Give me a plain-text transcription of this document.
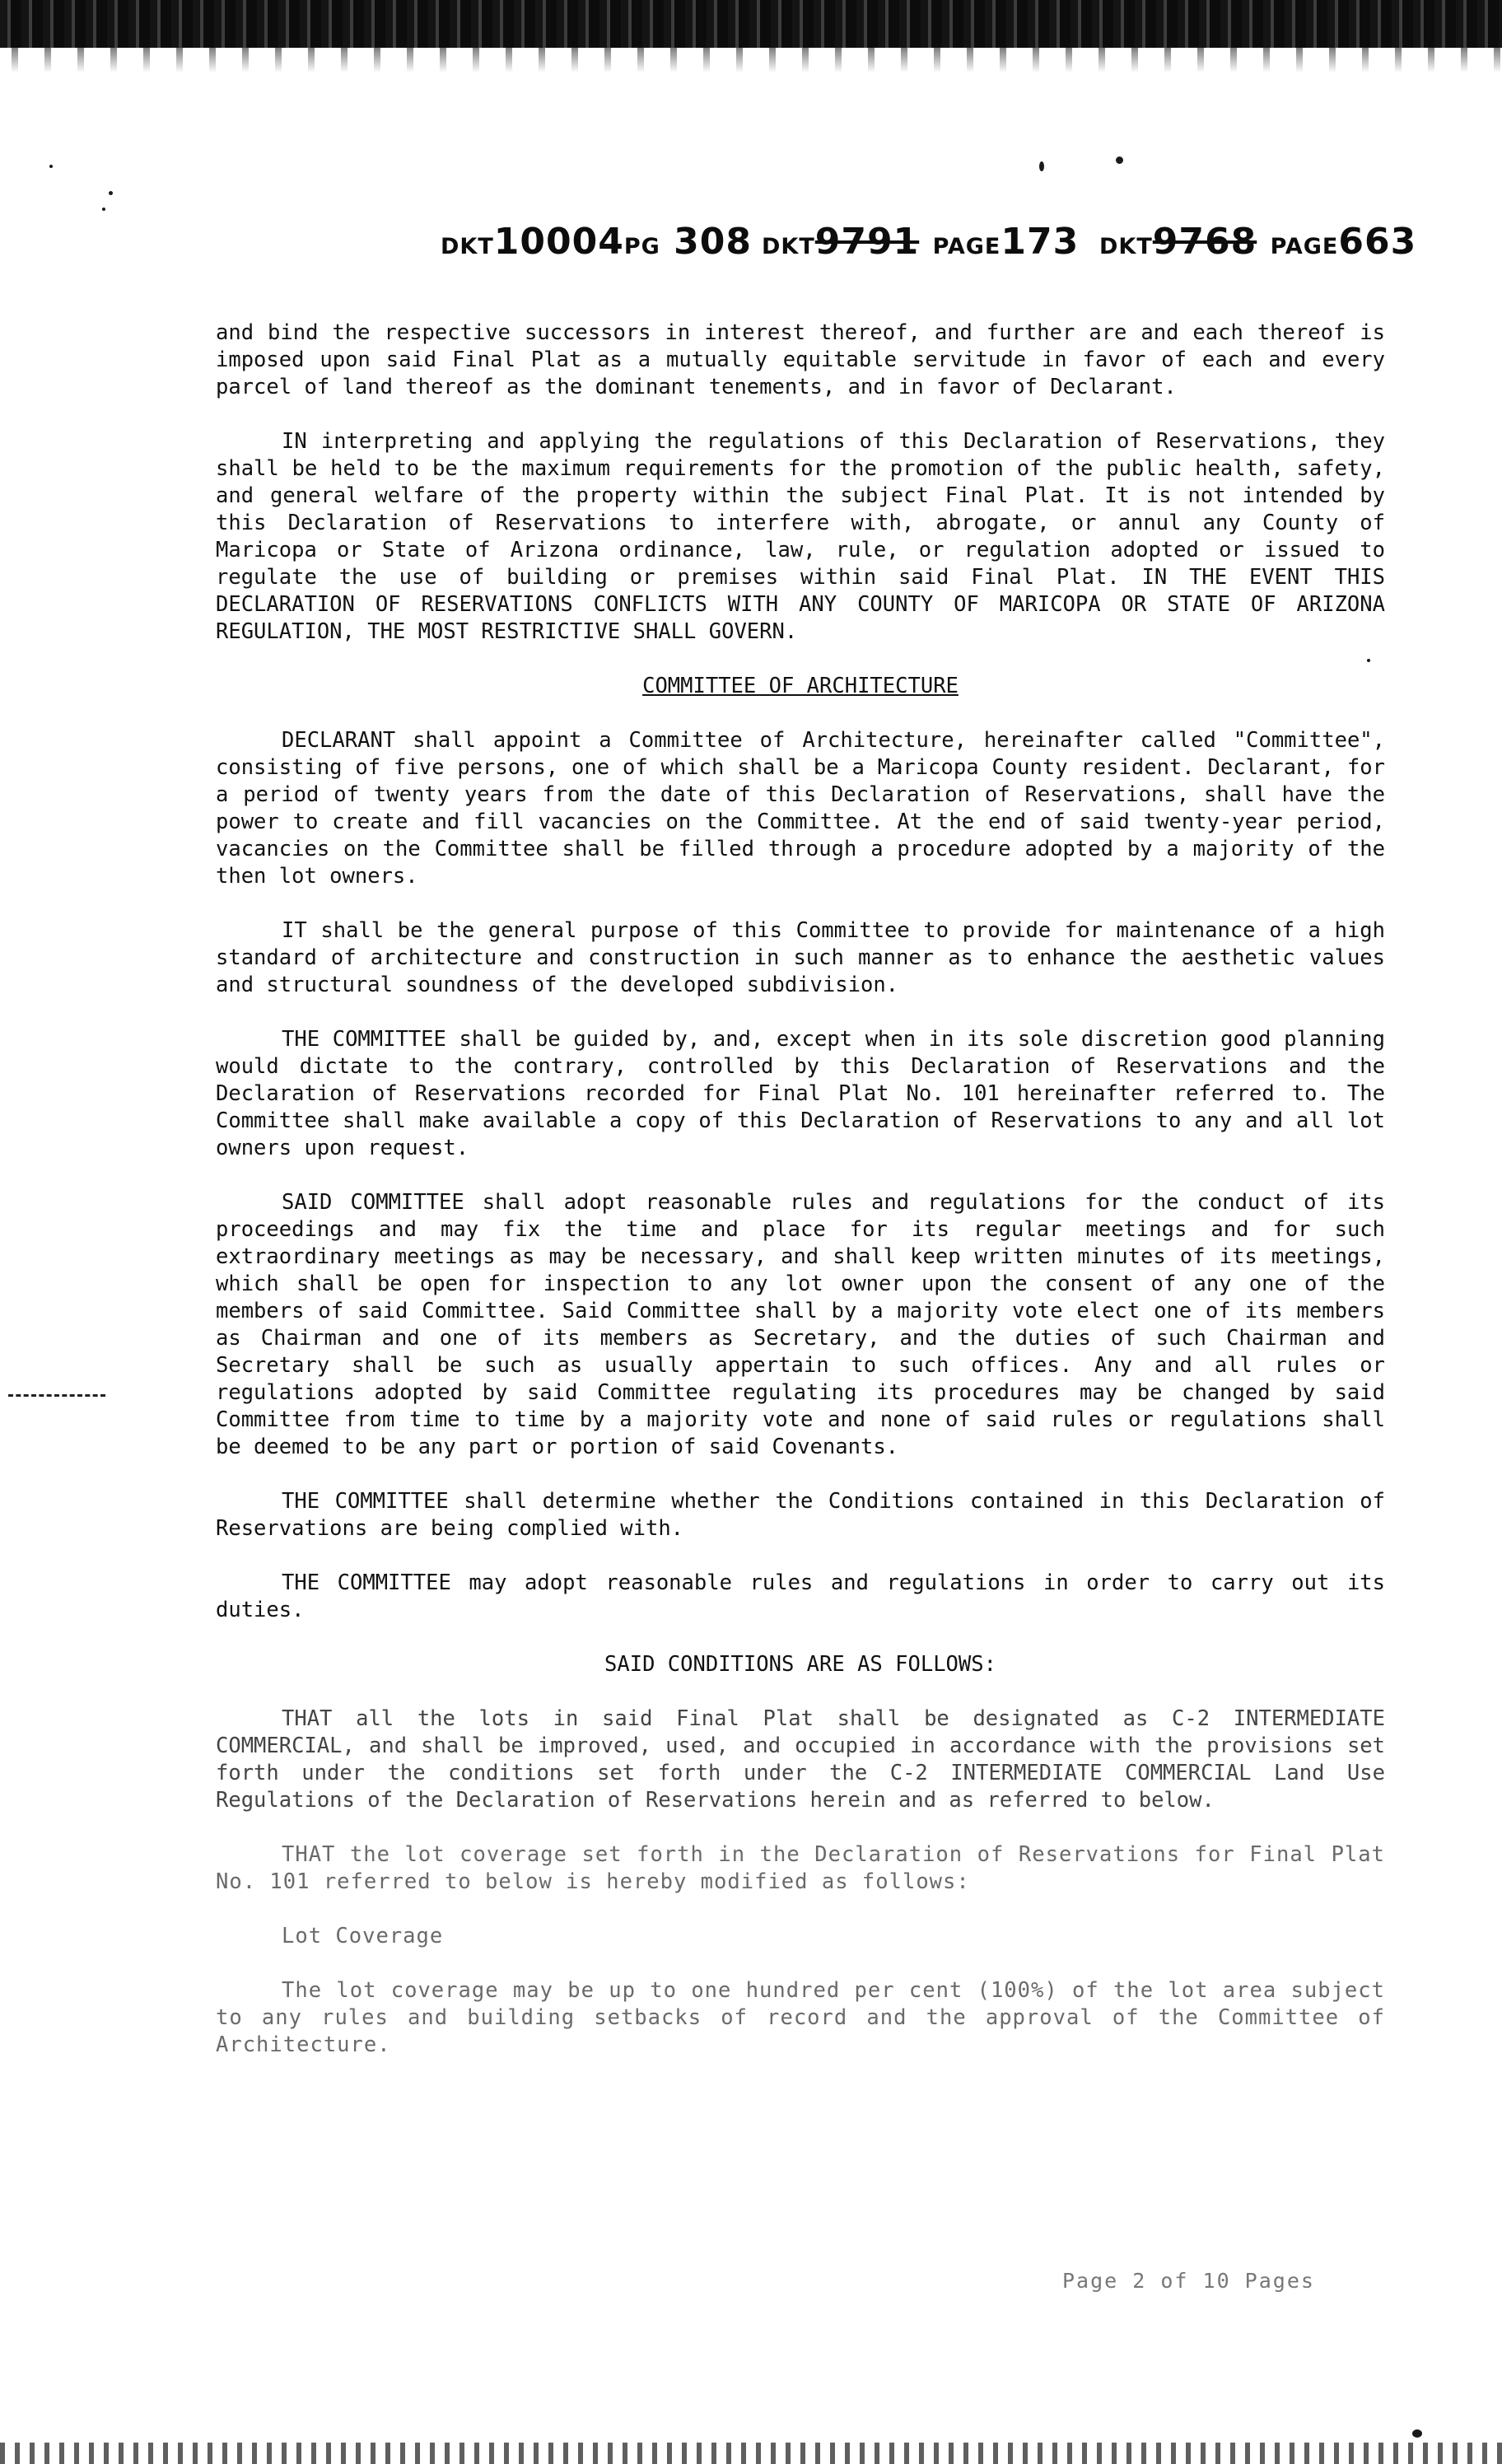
DKT10004PG 308 DKT9791 PAGE173 DKT9768 PAGE663

and bind the respective successors in interest thereof, and further are and each thereof is imposed upon said Final Plat as a mutually equitable servitude in favor of each and every parcel of land thereof as the dominant tenements, and in favor of Declarant.

IN interpreting and applying the regulations of this Declaration of Reservations, they shall be held to be the maximum requirements for the promotion of the public health, safety, and general welfare of the property within the subject Final Plat. It is not intended by this Declaration of Reservations to interfere with, abrogate, or annul any County of Maricopa or State of Arizona ordinance, law, rule, or regulation adopted or issued to regulate the use of building or premises within said Final Plat. IN THE EVENT THIS DECLARATION OF RESERVATIONS CONFLICTS WITH ANY COUNTY OF MARICOPA OR STATE OF ARIZONA REGULATION, THE MOST RESTRICTIVE SHALL GOVERN.

COMMITTEE OF ARCHITECTURE

DECLARANT shall appoint a Committee of Architecture, hereinafter called "Committee", consisting of five persons, one of which shall be a Maricopa County resident. Declarant, for a period of twenty years from the date of this Declaration of Reservations, shall have the power to create and fill vacancies on the Committee. At the end of said twenty-year period, vacancies on the Committee shall be filled through a procedure adopted by a majority of the then lot owners.

IT shall be the general purpose of this Committee to provide for maintenance of a high standard of architecture and construction in such manner as to enhance the aesthetic values and structural soundness of the developed subdivision.

THE COMMITTEE shall be guided by, and, except when in its sole discretion good planning would dictate to the contrary, controlled by this Declaration of Reservations and the Declaration of Reservations recorded for Final Plat No. 101 hereinafter referred to. The Committee shall make available a copy of this Declaration of Reservations to any and all lot owners upon request.

SAID COMMITTEE shall adopt reasonable rules and regulations for the conduct of its proceedings and may fix the time and place for its regular meetings and for such extraordinary meetings as may be necessary, and shall keep written minutes of its meetings, which shall be open for inspection to any lot owner upon the consent of any one of the members of said Committee. Said Committee shall by a majority vote elect one of its members as Chairman and one of its members as Secretary, and the duties of such Chairman and Secretary shall be such as usually appertain to such offices. Any and all rules or regulations adopted by said Committee regulating its procedures may be changed by said Committee from time to time by a majority vote and none of said rules or regulations shall be deemed to be any part or portion of said Covenants.

THE COMMITTEE shall determine whether the Conditions contained in this Declaration of Reservations are being complied with.

THE COMMITTEE may adopt reasonable rules and regulations in order to carry out its duties.

SAID CONDITIONS ARE AS FOLLOWS:

THAT all the lots in said Final Plat shall be designated as C-2 INTERMEDIATE COMMERCIAL, and shall be improved, used, and occupied in accordance with the provisions set forth under the conditions set forth under the C-2 INTERMEDIATE COMMERCIAL Land Use Regulations of the Declaration of Reservations herein and as referred to below.

THAT the lot coverage set forth in the Declaration of Reservations for Final Plat No. 101 referred to below is hereby modified as follows:

Lot Coverage

The lot coverage may be up to one hundred per cent (100%) of the lot area subject to any rules and building setbacks of record and the approval of the Committee of Architecture.

Page 2 of 10 Pages
